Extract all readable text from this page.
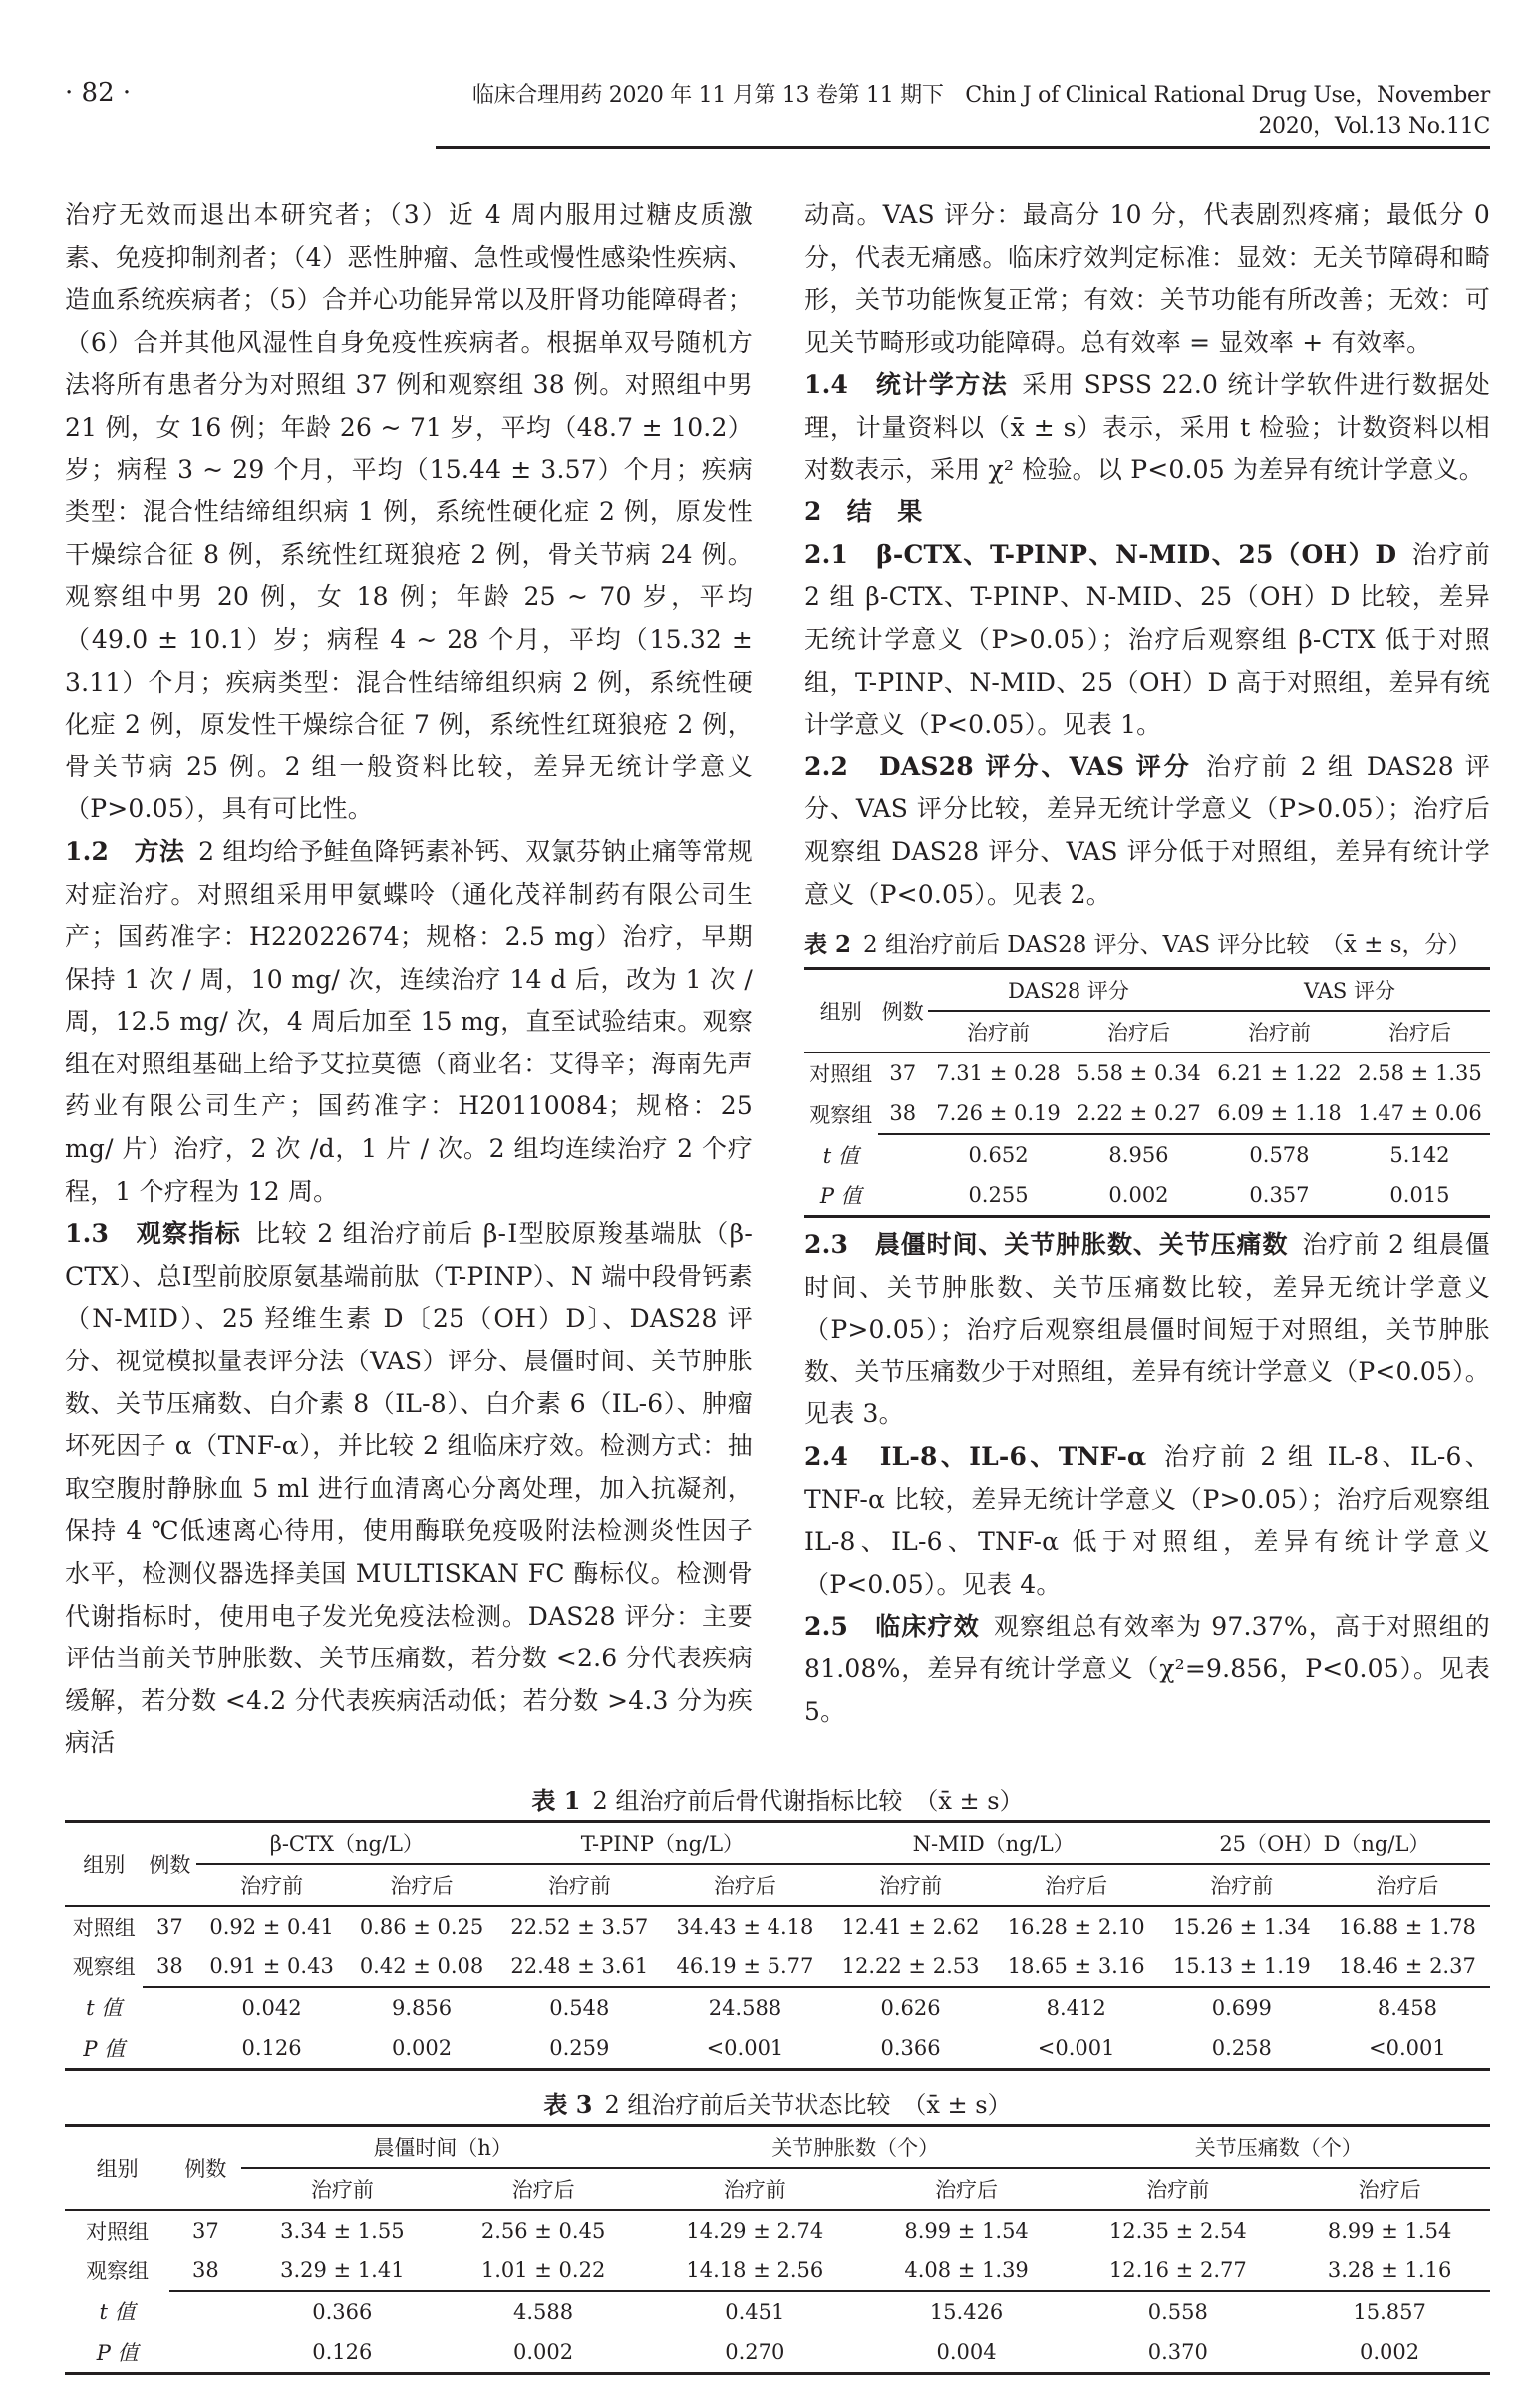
· 82 ·	临床合理用药 2020 年 11 月第 13 卷第 11 期下　Chin J of Clinical Rational Drug Use，November 2020，Vol.13 No.11C

治疗无效而退出本研究者；（3）近 4 周内服用过糖皮质激素、免疫抑制剂者；（4）恶性肿瘤、急性或慢性感染性疾病、造血系统疾病者；（5）合并心功能异常以及肝肾功能障碍者；（6）合并其他风湿性自身免疫性疾病者。根据单双号随机方法将所有患者分为对照组 37 例和观察组 38 例。对照组中男 21 例，女 16 例；年龄 26 ~ 71 岁，平均（48.7 ± 10.2）岁；病程 3 ~ 29 个月，平均（15.44 ± 3.57）个月；疾病类型：混合性结缔组织病 1 例，系统性硬化症 2 例，原发性干燥综合征 8 例，系统性红斑狼疮 2 例，骨关节病 24 例。观察组中男 20 例，女 18 例；年龄 25 ~ 70 岁，平均（49.0 ± 10.1）岁；病程 4 ~ 28 个月，平均（15.32 ± 3.11）个月；疾病类型：混合性结缔组织病 2 例，系统性硬化症 2 例，原发性干燥综合征 7 例，系统性红斑狼疮 2 例，骨关节病 25 例。2 组一般资料比较，差异无统计学意义（P>0.05），具有可比性。

1.2　方法 2 组均给予鲑鱼降钙素补钙、双氯芬钠止痛等常规对症治疗。对照组采用甲氨蝶呤（通化茂祥制药有限公司生产；国药准字：H22022674；规格：2.5 mg）治疗，早期保持 1 次 / 周，10 mg/ 次，连续治疗 14 d 后，改为 1 次 / 周，12.5 mg/ 次，4 周后加至 15 mg，直至试验结束。观察组在对照组基础上给予艾拉莫德（商业名：艾得辛；海南先声药业有限公司生产；国药准字：H20110084；规格：25 mg/ 片）治疗，2 次 /d，1 片 / 次。2 组均连续治疗 2 个疗程，1 个疗程为 12 周。

1.3　观察指标 比较 2 组治疗前后 β-Ⅰ型胶原羧基端肽（β-CTX）、总Ⅰ型前胶原氨基端前肽（T-PINP）、N 端中段骨钙素（N-MID）、25 羟维生素 D〔25（OH）D〕、DAS28 评分、视觉模拟量表评分法（VAS）评分、晨僵时间、关节肿胀数、关节压痛数、白介素 8（IL-8）、白介素 6（IL-6）、肿瘤坏死因子 α（TNF-α），并比较 2 组临床疗效。检测方式：抽取空腹肘静脉血 5 ml 进行血清离心分离处理，加入抗凝剂，保持 4 ℃低速离心待用，使用酶联免疫吸附法检测炎性因子水平，检测仪器选择美国 MULTISKAN FC 酶标仪。检测骨代谢指标时，使用电子发光免疫法检测。DAS28 评分：主要评估当前关节肿胀数、关节压痛数，若分数 <2.6 分代表疾病缓解，若分数 <4.2 分代表疾病活动低；若分数 >4.3 分为疾病活

动高。VAS 评分：最高分 10 分，代表剧烈疼痛；最低分 0 分，代表无痛感。临床疗效判定标准：显效：无关节障碍和畸形，关节功能恢复正常；有效：关节功能有所改善；无效：可见关节畸形或功能障碍。总有效率 = 显效率 + 有效率。

1.4　统计学方法 采用 SPSS 22.0 统计学软件进行数据处理，计量资料以（x̄ ± s）表示，采用 t 检验；计数资料以相对数表示，采用 χ² 检验。以 P<0.05 为差异有统计学意义。

2　结　果

2.1　β-CTX、T-PINP、N-MID、25（OH）D 治疗前 2 组 β-CTX、T-PINP、N-MID、25（OH）D 比较，差异无统计学意义（P>0.05）；治疗后观察组 β-CTX 低于对照组，T-PINP、N-MID、25（OH）D 高于对照组，差异有统计学意义（P<0.05）。见表 1。

2.2　DAS28 评分、VAS 评分 治疗前 2 组 DAS28 评分、VAS 评分比较，差异无统计学意义（P>0.05）；治疗后观察组 DAS28 评分、VAS 评分低于对照组，差异有统计学意义（P<0.05）。见表 2。

表 2 2 组治疗前后 DAS28 评分、VAS 评分比较　（x̄ ± s，分）
组别	例数	DAS28 评分		VAS 评分	
		治疗前	治疗后	治疗前	治疗后
对照组	37	7.31 ± 0.28	5.58 ± 0.34	6.21 ± 1.22	2.58 ± 1.35
观察组	38	7.26 ± 0.19	2.22 ± 0.27	6.09 ± 1.18	1.47 ± 0.06
t 值		0.652	8.956	0.578	5.142
P 值		0.255	0.002	0.357	0.015

2.3　晨僵时间、关节肿胀数、关节压痛数 治疗前 2 组晨僵时间、关节肿胀数、关节压痛数比较，差异无统计学意义（P>0.05）；治疗后观察组晨僵时间短于对照组，关节肿胀数、关节压痛数少于对照组，差异有统计学意义（P<0.05）。见表 3。

2.4　IL-8、IL-6、TNF-α 治疗前 2 组 IL-8、IL-6、TNF-α 比较，差异无统计学意义（P>0.05）；治疗后观察组 IL-8、IL-6、TNF-α 低于对照组，差异有统计学意义（P<0.05）。见表 4。

2.5　临床疗效 观察组总有效率为 97.37%，高于对照组的 81.08%，差异有统计学意义（χ²=9.856，P<0.05）。见表 5。

表 1 2 组治疗前后骨代谢指标比较　（x̄ ± s）
组别	例数	β-CTX（ng/L）		T-PINP（ng/L）		N-MID（ng/L）		25（OH）D（ng/L）	
		治疗前	治疗后	治疗前	治疗后	治疗前	治疗后	治疗前	治疗后
对照组	37	0.92 ± 0.41	0.86 ± 0.25	22.52 ± 3.57	34.43 ± 4.18	12.41 ± 2.62	16.28 ± 2.10	15.26 ± 1.34	16.88 ± 1.78
观察组	38	0.91 ± 0.43	0.42 ± 0.08	22.48 ± 3.61	46.19 ± 5.77	12.22 ± 2.53	18.65 ± 3.16	15.13 ± 1.19	18.46 ± 2.37
t 值		0.042	9.856	0.548	24.588	0.626	8.412	0.699	8.458
P 值		0.126	0.002	0.259	<0.001	0.366	<0.001	0.258	<0.001
表 3 2 组治疗前后关节状态比较　（x̄ ± s）
组别	例数	晨僵时间（h）		关节肿胀数（个）		关节压痛数（个）	
		治疗前	治疗后	治疗前	治疗后	治疗前	治疗后
对照组	37	3.34 ± 1.55	2.56 ± 0.45	14.29 ± 2.74	8.99 ± 1.54	12.35 ± 2.54	8.99 ± 1.54
观察组	38	3.29 ± 1.41	1.01 ± 0.22	14.18 ± 2.56	4.08 ± 1.39	12.16 ± 2.77	3.28 ± 1.16
t 值		0.366	4.588	0.451	15.426	0.558	15.857
P 值		0.126	0.002	0.270	0.004	0.370	0.002
